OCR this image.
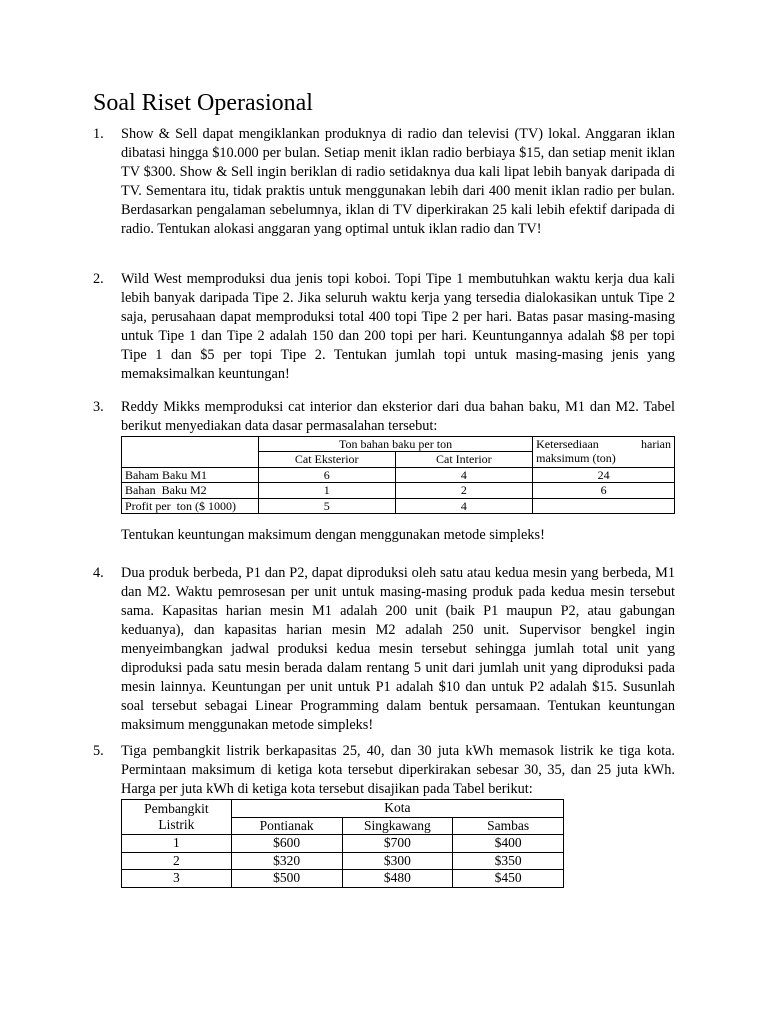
Soal Riset Operasional
1.	Show & Sell dapat mengiklankan produknya di radio dan televisi (TV) lokal. Anggaran iklan dibatasi hingga $10.000 per bulan. Setiap menit iklan radio berbiaya $15, dan setiap menit iklan TV $300. Show & Sell ingin beriklan di radio setidaknya dua kali lipat lebih banyak daripada di TV. Sementara itu, tidak praktis untuk menggunakan lebih dari 400 menit iklan radio per bulan. Berdasarkan pengalaman sebelumnya, iklan di TV diperkirakan 25 kali lebih efektif daripada di radio. Tentukan alokasi anggaran yang optimal untuk iklan radio dan TV!
2.	Wild West memproduksi dua jenis topi koboi. Topi Tipe 1 membutuhkan waktu kerja dua kali lebih banyak daripada Tipe 2. Jika seluruh waktu kerja yang tersedia dialokasikan untuk Tipe 2 saja, perusahaan dapat memproduksi total 400 topi Tipe 2 per hari. Batas pasar masing-masing untuk Tipe 1 dan Tipe 2 adalah 150 dan 200 topi per hari. Keuntungannya adalah $8 per topi Tipe 1 dan $5 per topi Tipe 2. Tentukan jumlah topi untuk masing-masing jenis yang memaksimalkan keuntungan!
3.	Reddy Mikks memproduksi cat interior dan eksterior dari dua bahan baku, M1 dan M2. Tabel berikut menyediakan data dasar permasalahan tersebut:
	Ton bahan baku per ton		Ketersediaan harian
maksimum (ton)

	Cat Eksterior	Cat Interior	
Baham Baku M1	6	4	24
Bahan  Baku M2	1	2	6
Profit per  ton ($ 1000)	5	4	
Tentukan keuntungan maksimum dengan menggunakan metode simpleks!
4.	Dua produk berbeda, P1 dan P2, dapat diproduksi oleh satu atau kedua mesin yang berbeda, M1 dan M2. Waktu pemrosesan per unit untuk masing-masing produk pada kedua mesin tersebut sama. Kapasitas harian mesin M1 adalah 200 unit (baik P1 maupun P2, atau gabungan keduanya), dan kapasitas harian mesin M2 adalah 250 unit. Supervisor bengkel ingin menyeimbangkan jadwal produksi kedua mesin tersebut sehingga jumlah total unit yang diproduksi pada satu mesin berada dalam rentang 5 unit dari jumlah unit yang diproduksi pada mesin lainnya. Keuntungan per unit untuk P1 adalah $10 dan untuk P2 adalah $15. Susunlah soal tersebut sebagai Linear Programming dalam bentuk persamaan. Tentukan keuntungan maksimum menggunakan metode simpleks!
5.	Tiga pembangkit listrik berkapasitas 25, 40, dan 30 juta kWh memasok listrik ke tiga kota. Permintaan maksimum di ketiga kota tersebut diperkirakan sebesar 30, 35, dan 25 juta kWh. Harga per juta kWh di ketiga kota tersebut disajikan pada Tabel berikut:
Pembangkit
Listrik	Kota		
	Pontianak	Singkawang	Sambas
1	$600	$700	$400
2	$320	$300	$350
3	$500	$480	$450
